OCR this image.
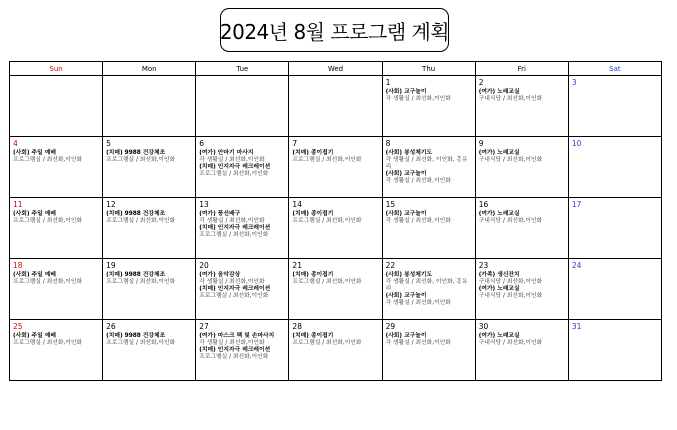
2024년 8월 프로그램 계획
Sun	Mon	Tue	Wed	Thu	Fri	Sat

				1
(사회) 교구놀이
각 생활실 / 최선화,이인화	2
(여가) 노래교실
구내식당 / 최선화,이인화	3

4
(사회) 주일 예배
프로그램실 / 최선화,이인화	5
(치매) 9988 건강체조
프로그램실 / 최선화,이인화	6
(여가) 안마기 마사지
각 생활실 / 최선화,이인화
(치매) 인지자극 레크레이션
프로그램실 / 최선화,이인화	7
(치매) 종이접기
프로그램실 / 최선화,이인화	8
(사회) 봉성체기도
각 생활실 / 최선화, 이인화, 홍유리
(사회) 교구놀이
각 생활실 / 최선화,이인화	9
(여가) 노래교실
구내식당 / 최선화,이인화	10

11
(사회) 주일 예배
프로그램실 / 최선화,이인화	12
(치매) 9988 건강체조
프로그램실 / 최선화,이인화	13
(여가) 풍선배구
각 생활실 / 최선화,이인화
(치매) 인지자극 레크레이션
프로그램실 / 최선화,이인화	14
(치매) 종이접기
프로그램실 / 최선화,이인화	15
(사회) 교구놀이
각 생활실 / 최선화,이인화	16
(여가) 노래교실
구내식당 / 최선화,이인화	17

18
(사회) 주일 예배
프로그램실 / 최선화,이인화	19
(치매) 9988 건강체조
프로그램실 / 최선화,이인화	20
(여가) 음악감상
각 생활실 / 최선화,이인화
(치매) 인지자극 레크레이션
프로그램실 / 최선화,이인화	21
(치매) 종이접기
프로그램실 / 최선화,이인화	22
(사회) 봉성체기도
각 생활실 / 최선화, 이인화, 홍유리
(사회) 교구놀이
각 생활실 / 최선화,이인화	23
(가족) 생신잔치
구내식당 / 최선화,이인화
(여가) 노래교실
구내식당 / 최선화,이인화	24

25
(사회) 주일 예배
프로그램실 / 최선화,이인화	26
(치매) 9988 건강체조
프로그램실 / 최선화,이인화	27
(여가) 마스크 팩 및 손마사지
각 생활실 / 최선화,이인화
(치매) 인지자극 레크레이션
프로그램실 / 최선화,이인화	28
(치매) 종이접기
프로그램실 / 최선화,이인화	29
(사회) 교구놀이
각 생활실 / 최선화,이인화	30
(여가) 노래교실
구내식당 / 최선화,이인화	31
